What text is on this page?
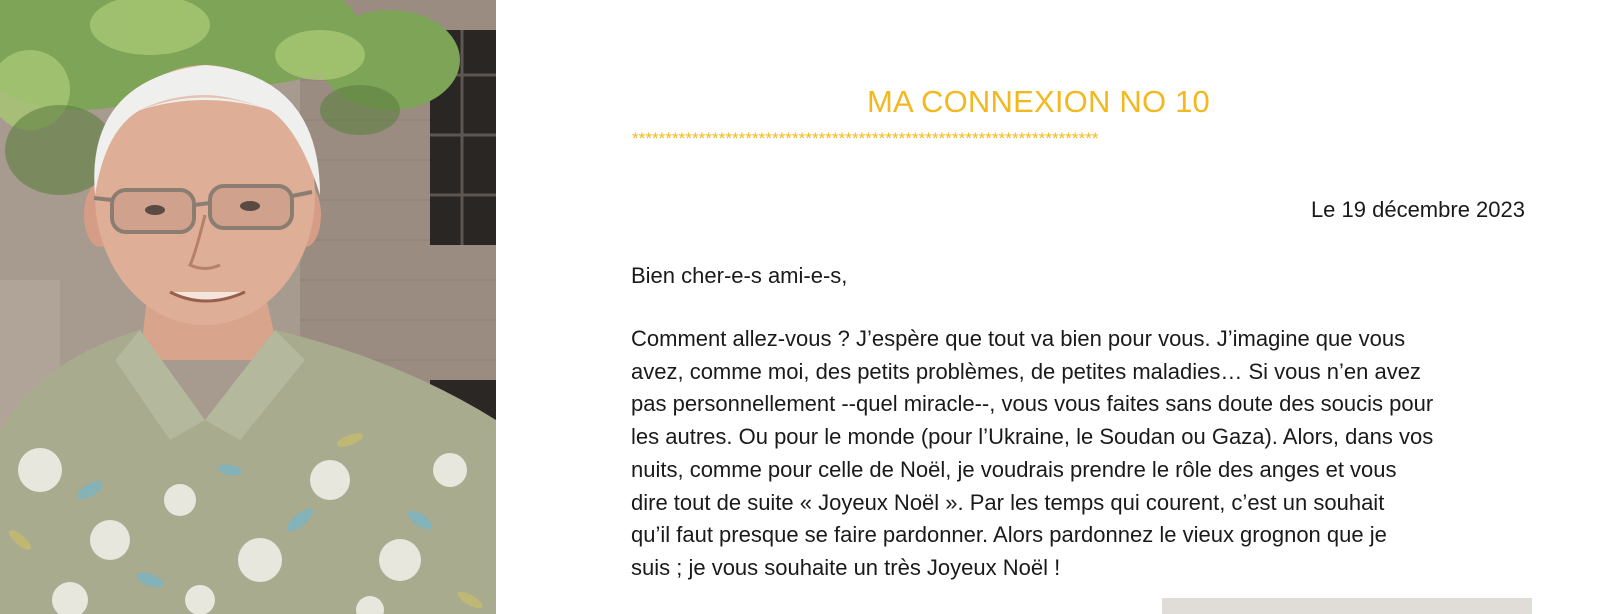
MA CONNEXION NO 10
**********************************************************************
Le 19 décembre 2023
Bien cher-e-s ami-e-s,
Comment allez-vous ? J’espère que tout va bien pour vous. J’imagine que vous
avez, comme moi, des petits problèmes, de petites maladies… Si vous n’en avez
pas personnellement --quel miracle--, vous vous faites sans doute des soucis pour
les autres. Ou pour le monde (pour l’Ukraine, le Soudan ou Gaza). Alors, dans vos
nuits, comme pour celle de Noël, je voudrais prendre le rôle des anges et vous
dire tout de suite « Joyeux Noël ». Par les temps qui courent, c’est un souhait
qu’il faut presque se faire pardonner. Alors pardonnez le vieux grognon que je
suis ; je vous souhaite un très Joyeux Noël !
